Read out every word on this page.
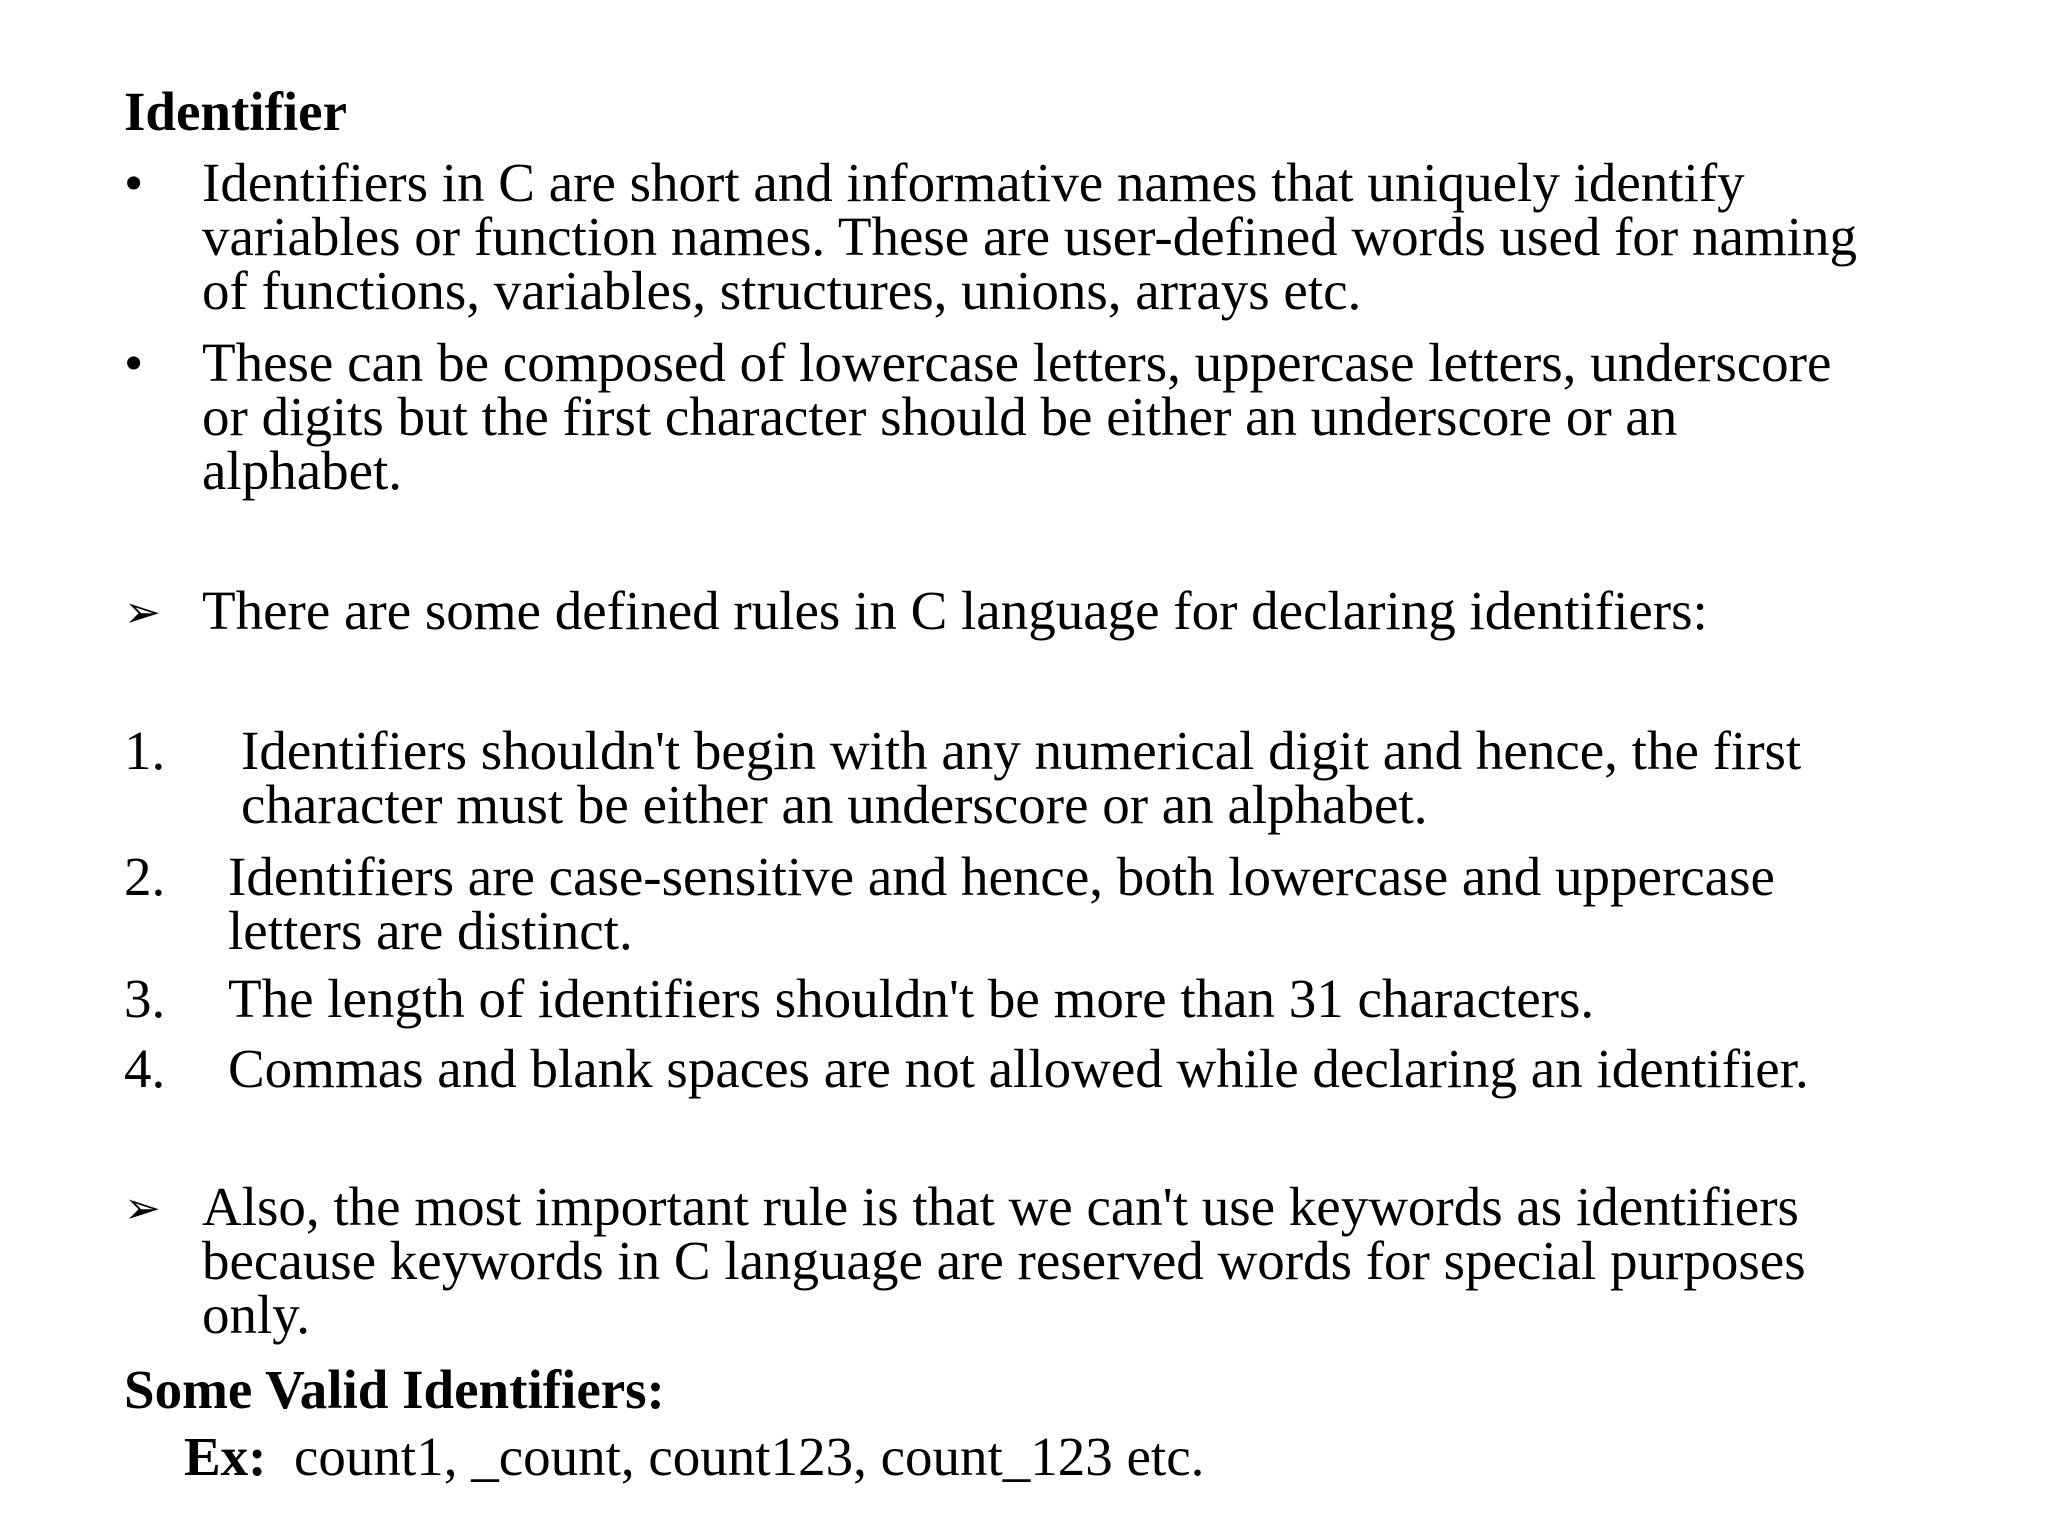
Identifier
• Identifiers in C are short and informative names that uniquely identify
variables or function names. These are user-defined words used for naming
of functions, variables, structures, unions, arrays etc.
• These can be composed of lowercase letters, uppercase letters, underscore
or digits but the first character should be either an underscore or an
alphabet.
➢ There are some defined rules in C language for declaring identifiers:
1. Identifiers shouldn't begin with any numerical digit and hence, the first
character must be either an underscore or an alphabet.
2. Identifiers are case-sensitive and hence, both lowercase and uppercase
letters are distinct.
3. The length of identifiers shouldn't be more than 31 characters.
4. Commas and blank spaces are not allowed while declaring an identifier.
➢ Also, the most important rule is that we can't use keywords as identifiers
because keywords in C language are reserved words for special purposes
only.
Some Valid Identifiers:
Ex: count1, _count, count123, count_123 etc.
